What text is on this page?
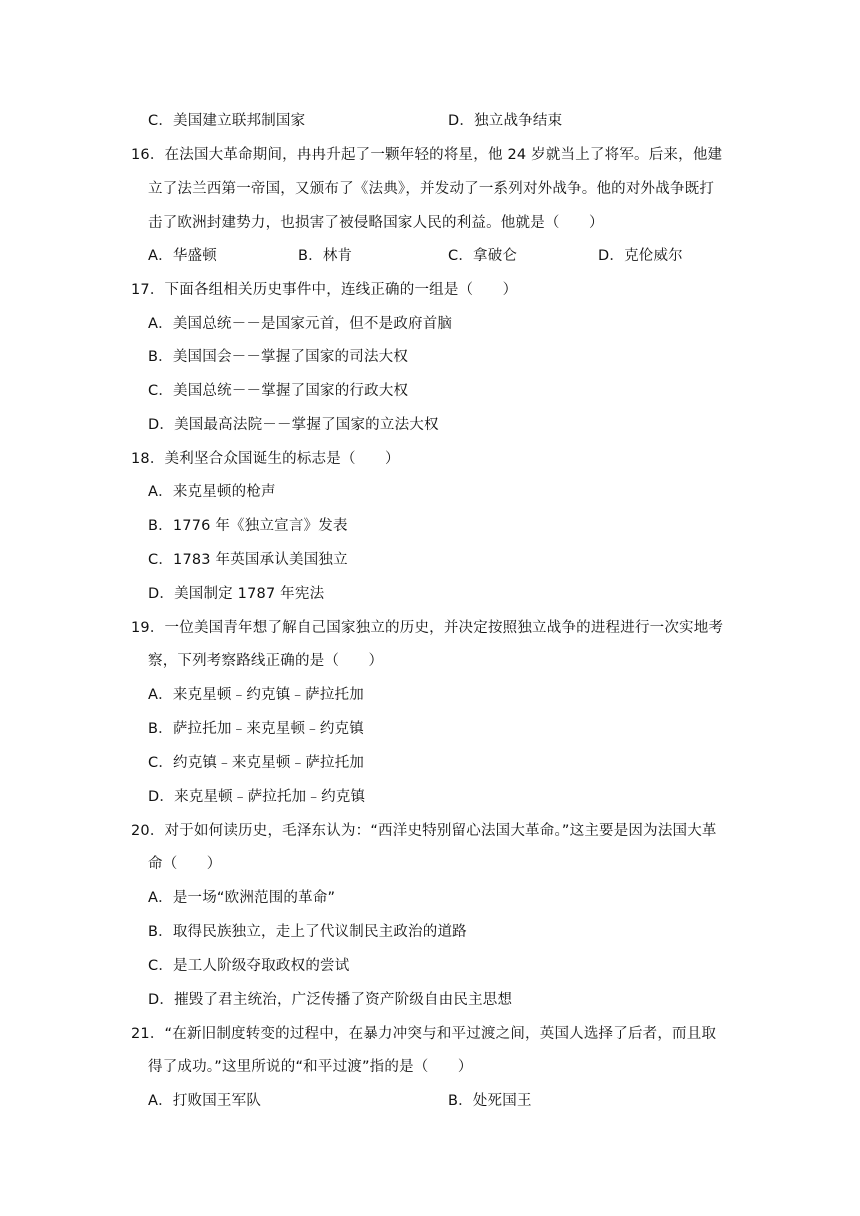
C．美国建立联邦制国家	D．独立战争结束
16．在法国大革命期间，冉冉升起了一颗年轻的将星，他 24 岁就当上了将军。后来，他建
立了法兰西第一帝国，又颁布了《法典》，并发动了一系列对外战争。他的对外战争既打
击了欧洲封建势力，也损害了被侵略国家人民的利益。他就是（　　）
A．华盛顿	B．林肯	C．拿破仑	D．克伦威尔
17．下面各组相关历史事件中，连线正确的一组是（　　）
A．美国总统－－是国家元首，但不是政府首脑
B．美国国会－－掌握了国家的司法大权
C．美国总统－－掌握了国家的行政大权
D．美国最高法院－－掌握了国家的立法大权
18．美利坚合众国诞生的标志是（　　）
A．来克星顿的枪声
B．1776 年《独立宣言》发表
C．1783 年英国承认美国独立
D．美国制定 1787 年宪法
19．一位美国青年想了解自己国家独立的历史，并决定按照独立战争的进程进行一次实地考
察，下列考察路线正确的是（　　）
A．来克星顿﹣约克镇﹣萨拉托加
B．萨拉托加﹣来克星顿﹣约克镇
C．约克镇﹣来克星顿﹣萨拉托加
D．来克星顿﹣萨拉托加﹣约克镇
20．对于如何读历史，毛泽东认为：“西洋史特别留心法国大革命。”这主要是因为法国大革
命（　　）
A．是一场“欧洲范围的革命”
B．取得民族独立，走上了代议制民主政治的道路
C．是工人阶级夺取政权的尝试
D．摧毁了君主统治，广泛传播了资产阶级自由民主思想
21．“在新旧制度转变的过程中，在暴力冲突与和平过渡之间，英国人选择了后者，而且取
得了成功。”这里所说的“和平过渡”指的是（　　）
A．打败国王军队	B．处死国王
